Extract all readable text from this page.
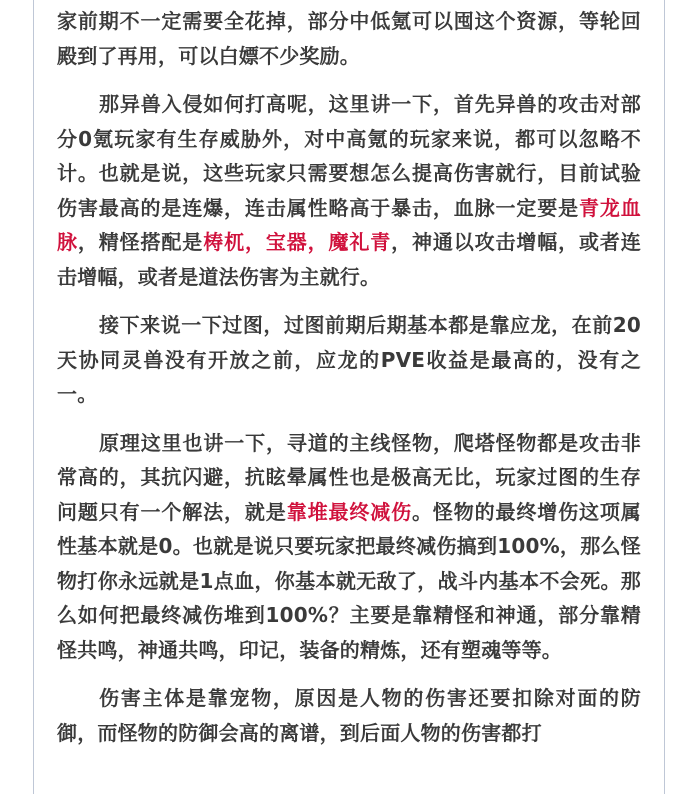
家前期不一定需要全花掉，部分中低氪可以囤这个资源，等轮回殿到了再用，可以白嫖不少奖励。

那异兽入侵如何打高呢，这里讲一下，首先异兽的攻击对部分0氪玩家有生存威胁外，对中高氪的玩家来说，都可以忽略不计。也就是说，这些玩家只需要想怎么提高伤害就行，目前试验伤害最高的是连爆，连击属性略高于暴击，血脉一定要是青龙血脉，精怪搭配是梼杌，宝器，魔礼青，神通以攻击增幅，或者连击增幅，或者是道法伤害为主就行。

接下来说一下过图，过图前期后期基本都是靠应龙，在前20天协同灵兽没有开放之前，应龙的PVE收益是最高的，没有之一。

原理这里也讲一下，寻道的主线怪物，爬塔怪物都是攻击非常高的，其抗闪避，抗眩晕属性也是极高无比，玩家过图的生存问题只有一个解法，就是靠堆最终减伤。怪物的最终增伤这项属性基本就是0。也就是说只要玩家把最终减伤搞到100%，那么怪物打你永远就是1点血，你基本就无敌了，战斗内基本不会死。那么如何把最终减伤堆到100%？主要是靠精怪和神通，部分靠精怪共鸣，神通共鸣，印记，装备的精炼，还有塑魂等等。

伤害主体是靠宠物，原因是人物的伤害还要扣除对面的防御，而怪物的防御会高的离谱，到后面人物的伤害都打
